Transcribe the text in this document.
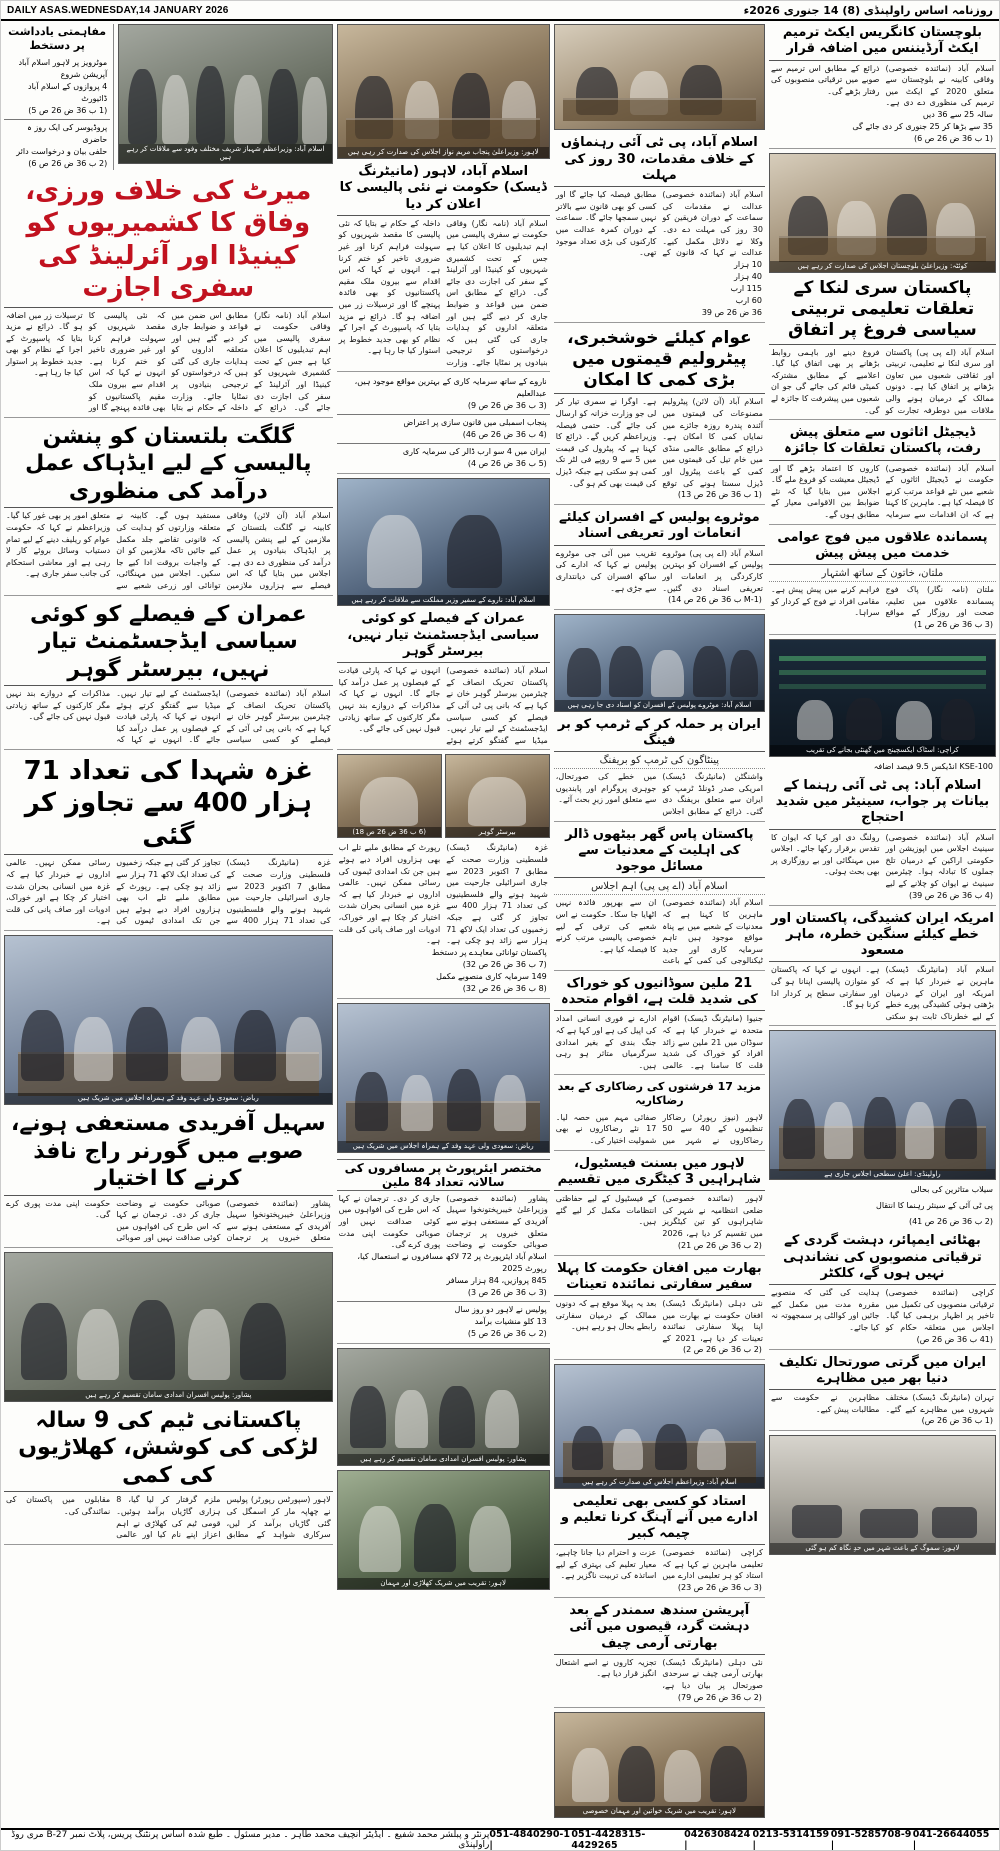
DAILY ASAS.WEDNESDAY,14 JANUARY 2026	روزنامہ اساس راولپنڈی (8) 14 جنوری 2026ء
بلوچستان کانگریس ایکٹ ترمیم ایکٹ آرڈیننس میں اضافہ قرار
اسلام آباد (نمائندہ خصوصی) وفاقی کابینہ نے بلوچستان سے متعلق 2020 کے ایکٹ میں ترمیم کی منظوری دے دی ہے۔ ذرائع کے مطابق اس ترمیم سے صوبے میں ترقیاتی منصوبوں کی رفتار بڑھے گی۔
سالہ 25 سے 36 دیں
35 سے بڑھا کر 25 جنوری کر دی جائے گی
(1 ب 36 ض 26 ص 6)
کوئٹہ: وزیراعلیٰ بلوچستان اجلاس کی صدارت کر رہے ہیں
پاکستان سری لنکا کے تعلقات تعلیمی تربیتی سیاسی فروغ پر اتفاق
اسلام آباد (اے پی پی) پاکستان اور سری لنکا نے تعلیمی، تربیتی اور ثقافتی شعبوں میں تعاون بڑھانے پر اتفاق کیا ہے۔ دونوں ممالک کے درمیان ہونے والی ملاقات میں دوطرفہ تجارت کو فروغ دینے اور باہمی روابط بڑھانے پر بھی اتفاق کیا گیا۔ اعلامیے کے مطابق مشترکہ کمیٹی قائم کی جائے گی جو ان شعبوں میں پیشرفت کا جائزہ لے گی۔
ڈیجیٹل اثاثوں سے متعلق پیش رفت، پاکستان تعلقات کا جائزہ
اسلام آباد (نمائندہ خصوصی) حکومت نے ڈیجیٹل اثاثوں کے شعبے میں نئے قواعد مرتب کرنے کا فیصلہ کیا ہے۔ ماہرین کا کہنا ہے کہ ان اقدامات سے سرمایہ کاروں کا اعتماد بڑھے گا اور ڈیجیٹل معیشت کو فروغ ملے گا۔ اجلاس میں بتایا گیا کہ نئے ضوابط بین الاقوامی معیار کے مطابق ہوں گے۔
پسماندہ علاقوں میں فوج عوامی خدمت میں پیش پیش
ملتان، خاتون کے ساتھ اشتہار
ملتان (نامہ نگار) پاک فوج پسماندہ علاقوں میں تعلیم، صحت اور روزگار کے مواقع فراہم کرنے میں پیش پیش ہے۔ مقامی افراد نے فوج کے کردار کو سراہا۔
(3 ب 36 ض 26 ص 1)
کراچی: اسٹاک ایکسچینج میں گھنٹی بجانے کی تقریب
KSE-100 انڈیکس 9.5 فیصد اضافہ
اسلام آباد: پی ٹی آئی رہنما کے بیانات پر جواب، سینیٹر میں شدید احتجاج
اسلام آباد (نمائندہ خصوصی) سینیٹ اجلاس میں اپوزیشن اور حکومتی اراکین کے درمیان تلخ جملوں کا تبادلہ ہوا۔ چیئرمین سینیٹ نے ایوان کو چلانے کے لیے رولنگ دی اور کہا کہ ایوان کا تقدس برقرار رکھا جائے۔ اجلاس میں مہنگائی اور بے روزگاری پر بھی بحث ہوئی۔
(4 ب 36 ض 26 ص 39)
امریکہ ایران کشیدگی، پاکستان اور خطے کیلئے سنگین خطرہ، ماہر مسعود
اسلام آباد (مانیٹرنگ ڈیسک) ماہرین نے خبردار کیا ہے کہ امریکہ اور ایران کے درمیان بڑھتی ہوئی کشیدگی پورے خطے کے لیے خطرناک ثابت ہو سکتی ہے۔ انہوں نے کہا کہ پاکستان کو متوازن پالیسی اپنانا ہو گی اور سفارتی سطح پر کردار ادا کرنا ہو گا۔
راولپنڈی: اعلیٰ سطحی اجلاس جاری ہے
سیلاب متاثرین کی بحالی
پی ٹی آئی کے سینئر رہنما کا انتقال
(2 ب 36 ض 26 ص 41)
بھٹائی ایمپائر، دہشت گردی کے ترقیاتی منصوبوں کی نشاندہی نہیں ہوں گے، کلکٹر
کراچی (نمائندہ خصوصی) ترقیاتی منصوبوں کی تکمیل میں تاخیر پر اظہار برہمی کیا گیا۔ اجلاس میں متعلقہ حکام کو ہدایت کی گئی کہ منصوبے مقررہ مدت میں مکمل کیے جائیں اور کوالٹی پر سمجھوتہ نہ کیا جائے۔
(41 ب 36 ض 26 ص)
ایران میں گرتی صورتحال تکلیف دنیا بھر میں مظاہرے
تہران (مانیٹرنگ ڈیسک) مختلف شہروں میں مظاہرے کیے گئے۔ مظاہرین نے حکومت سے مطالبات پیش کیے۔
(1 ب 36 ض 26 ص)
لاہور: سموگ کے باعث شہر میں حدِ نگاہ کم ہو گئی
اسلام آباد، پی ٹی آئی رہنماؤں کے خلاف مقدمات، 30 روز کی مہلت
اسلام آباد (نمائندہ خصوصی) عدالت نے مقدمات کی سماعت کے دوران فریقین کو 30 روز کی مہلت دے دی۔ وکلا نے دلائل مکمل کیے۔ عدالت نے کہا کہ قانون کے مطابق فیصلہ کیا جائے گا اور کسی کو بھی قانون سے بالاتر نہیں سمجھا جائے گا۔ سماعت کے دوران کمرہ عدالت میں کارکنوں کی بڑی تعداد موجود تھی۔
10 ہزار
40 ہزار
115 ارب
60 ارب
36 ض 26 ص 39
عوام کیلئے خوشخبری، پیٹرولیم قیمتوں میں بڑی کمی کا امکان
اسلام آباد (آن لائن) پیٹرولیم مصنوعات کی قیمتوں میں آئندہ پندرہ روزہ جائزے میں نمایاں کمی کا امکان ہے۔ ذرائع کے مطابق عالمی منڈی میں خام تیل کی قیمتوں میں کمی کے باعث پیٹرول اور ڈیزل سستا ہونے کی توقع ہے۔ اوگرا نے سمری تیار کر لی جو وزارت خزانہ کو ارسال کی جائے گی۔ حتمی فیصلہ وزیراعظم کریں گے۔ ذرائع کا کہنا ہے کہ پیٹرول کی قیمت میں 5 سے 9 روپے فی لٹر تک کمی ہو سکتی ہے جبکہ ڈیزل کی قیمت بھی کم ہو گی۔
(1 ب 36 ض 26 ص 13)
موٹروے پولیس کے افسران کیلئے انعامات اور تعریفی اسناد
اسلام آباد (اے پی پی) موٹروے پولیس کے افسران کو بہترین کارکردگی پر انعامات اور تعریفی اسناد دی گئیں۔ تقریب میں آئی جی موٹروے پولیس نے کہا کہ ادارے کی ساکھ افسران کی دیانتداری سے جڑی ہے۔
(M-1 ب 36 ض 26 ص 14)
اسلام آباد: موٹروے پولیس کے افسران کو اسناد دی جا رہی ہیں
ایران پر حملہ کر کے ٹرمپ کو بر فینگ
پینٹاگون کی ٹرمپ کو بریفنگ
واشنگٹن (مانیٹرنگ ڈیسک) امریکی صدر ڈونلڈ ٹرمپ کو ایران سے متعلق بریفنگ دی گئی۔ ذرائع کے مطابق اجلاس میں خطے کی صورتحال، جوہری پروگرام اور پابندیوں سے متعلق امور زیرِ بحث آئے۔
پاکستان پاس گھر بیٹھوں ڈالر کی اہلیت کے معدنیات سے مسائل موجود
اسلام آباد (اے پی پی) اہم اجلاس
اسلام آباد (نمائندہ خصوصی) ماہرین کا کہنا ہے کہ معدنیات کے شعبے میں بے پناہ مواقع موجود ہیں تاہم سرمایہ کاری اور جدید ٹیکنالوجی کی کمی کے باعث ان سے بھرپور فائدہ نہیں اٹھایا جا سکا۔ حکومت نے اس شعبے کی ترقی کے لیے خصوصی پالیسی مرتب کرنے کا فیصلہ کیا ہے۔
21 ملین سوڈانیوں کو خوراک کی شدید قلت ہے، اقوام متحدہ
جنیوا (مانیٹرنگ ڈیسک) اقوام متحدہ نے خبردار کیا ہے کہ سوڈان میں 21 ملین سے زائد افراد کو خوراک کی شدید قلت کا سامنا ہے۔ عالمی ادارے نے فوری انسانی امداد کی اپیل کی ہے اور کہا ہے کہ جنگ بندی کے بغیر امدادی سرگرمیاں متاثر ہو رہی ہیں۔
مزید 17 فرشتوں کی رضاکاری کے بعد رضاکاریہ
لاہور (نیوز رپورٹر) رضاکار تنظیموں کے 40 سے 50 رضاکاروں نے شہر میں صفائی مہم میں حصہ لیا۔ 17 نئے رضاکاروں نے بھی شمولیت اختیار کی۔
لاہور میں بسنت فیسٹیول، شاہراہیں 3 کیٹگری میں تقسیم
لاہور (نمائندہ خصوصی) ضلعی انتظامیہ نے شہر کی شاہراہوں کو تین کیٹگریز میں تقسیم کر دیا ہے، 2026 کے فیسٹیول کے لیے حفاظتی انتظامات مکمل کر لیے گئے ہیں۔
(2 ب 36 ض 26 ص 21)
بھارت میں افغان حکومت کا پہلا سفیر سفارتی نمائندہ تعینات
نئی دہلی (مانیٹرنگ ڈیسک) افغان حکومت نے بھارت میں اپنا پہلا سفارتی نمائندہ تعینات کر دیا ہے، 2021 کے بعد یہ پہلا موقع ہے کہ دونوں ممالک کے درمیان سفارتی رابطے بحال ہو رہے ہیں۔
(2 ب 36 ض 26 ص 2)
اسلام آباد: وزیراعظم اجلاس کی صدارت کر رہے ہیں
استاد کو کسی بھی تعلیمی ادارے میں آنے آہنگ کرنا تعلیم و چیمہ کبیر
کراچی (نمائندہ خصوصی) تعلیمی ماہرین نے کہا ہے کہ استاد کو ہر تعلیمی ادارے میں عزت و احترام دیا جانا چاہیے، معیار تعلیم کی بہتری کے لیے اساتذہ کی تربیت ناگزیر ہے۔
(3 ب 36 ض 26 ص 23)
آپریشن سندھ سمندر کے بعد دہشت گرد، قیصوں میں آئی بھارتی آرمی چیف
نئی دہلی (مانیٹرنگ ڈیسک) بھارتی آرمی چیف نے سرحدی صورتحال پر بیان دیا ہے، تجزیہ کاروں نے اسے اشتعال انگیز قرار دیا ہے۔
(2 ب 36 ض 26 ص 79)
لاہور: تقریب میں شریک خواتین اور مہمان خصوصی
لاہور: وزیراعلیٰ پنجاب مریم نواز اجلاس کی صدارت کر رہی ہیں
اسلام آباد، لاہور (مانیٹرنگ ڈیسک) حکومت نے نئی پالیسی کا اعلان کر دیا
اسلام آباد (نامہ نگار) وفاقی حکومت نے سفری پالیسی میں اہم تبدیلیوں کا اعلان کیا ہے جس کے تحت کشمیری شہریوں کو کینیڈا اور آئرلینڈ کے سفر کی اجازت دی جائے گی۔ ذرائع کے مطابق اس ضمن میں قواعد و ضوابط جاری کر دیے گئے ہیں اور متعلقہ اداروں کو ہدایات جاری کی گئی ہیں کہ درخواستوں کو ترجیحی بنیادوں پر نمٹایا جائے۔ وزارت داخلہ کے حکام نے بتایا کہ نئی پالیسی کا مقصد شہریوں کو سہولت فراہم کرنا اور غیر ضروری تاخیر کو ختم کرنا ہے۔ انہوں نے کہا کہ اس اقدام سے بیرون ملک مقیم پاکستانیوں کو بھی فائدہ پہنچے گا اور ترسیلات زر میں اضافہ ہو گا۔ ذرائع نے مزید بتایا کہ پاسپورٹ کے اجرا کے نظام کو بھی جدید خطوط پر استوار کیا جا رہا ہے۔
ناروے کے ساتھ سرمایہ کاری کے بہترین مواقع موجود ہیں، عبدالعلیم
(3 ب 36 ض 26 ص 9)
پنجاب اسمبلی میں قانون سازی پر اعتراض
(4 ب 36 ض 26 ص 46)
ایران میں 4 سو ارب ڈالر کی سرمایہ کاری
(5 ب 36 ض 26 ص 4)
اسلام آباد: ناروے کے سفیر وزیر مملکت سے ملاقات کر رہے ہیں
عمران کے فیصلے کو کوئی سیاسی ایڈجسٹمنٹ تیار نہیں، بیرسٹر گوہر
اسلام آباد (نمائندہ خصوصی) پاکستان تحریک انصاف کے چیئرمین بیرسٹر گوہر خان نے کہا ہے کہ بانی پی ٹی آئی کے فیصلے کو کسی سیاسی ایڈجسٹمنٹ کے لیے تیار نہیں۔ میڈیا سے گفتگو کرتے ہوئے انہوں نے کہا کہ پارٹی قیادت کے فیصلوں پر عمل درآمد کیا جائے گا۔ انہوں نے کہا کہ مذاکرات کے دروازے بند نہیں مگر کارکنوں کے ساتھ زیادتی قبول نہیں کی جائے گی۔
بیرسٹر گوہر
(6 ب 36 ض 26 ص 18)
غزہ (مانیٹرنگ ڈیسک) فلسطینی وزارت صحت کے مطابق 7 اکتوبر 2023 سے جاری اسرائیلی جارحیت میں شہید ہونے والے فلسطینیوں کی تعداد 71 ہزار 400 سے تجاوز کر گئی ہے جبکہ زخمیوں کی تعداد ایک لاکھ 71 ہزار سے زائد ہو چکی ہے۔ رپورٹ کے مطابق ملبے تلے اب بھی ہزاروں افراد دبے ہوئے ہیں جن تک امدادی ٹیموں کی رسائی ممکن نہیں۔ عالمی اداروں نے خبردار کیا ہے کہ غزہ میں انسانی بحران شدت اختیار کر چکا ہے اور خوراک، ادویات اور صاف پانی کی قلت ہے۔
پاکستان توانائی معاہدے پر دستخط
(7 ب 36 ض 26 ص 32)
149 سرمایہ کاری منصوبے مکمل
(8 ب 36 ض 26 ص 32)
ریاض: سعودی ولی عہد وفد کے ہمراہ اجلاس میں شریک ہیں
مختصر ایئرپورٹ پر مسافروں کی سالانہ تعداد 84 ملین
پشاور (نمائندہ خصوصی) وزیراعلیٰ خیبرپختونخوا سہیل آفریدی کے مستعفی ہونے سے متعلق خبروں پر ترجمان صوبائی حکومت نے وضاحت جاری کر دی۔ ترجمان نے کہا کہ اس طرح کی افواہوں میں کوئی صداقت نہیں اور صوبائی حکومت اپنی مدت پوری کرے گی۔
اسلام آباد ایئرپورٹ پر 72 لاکھ مسافروں نے استعمال کیا، رپورٹ 2025
845 پروازیں، 84 ہزار مسافر
(3 ب 36 ض 26 ص 3)
پولیس نے لاہور دو روز سال
13 کلو منشیات برآمد
(2 ب 36 ض 26 ص 5)
پشاور: پولیس افسران امدادی سامان تقسیم کر رہے ہیں
لاہور: تقریب میں شریک کھلاڑی اور مہمان
اسلام آباد: وزیراعظم شہباز شریف مختلف وفود سے ملاقات کر رہے ہیں
مفاہمتی یادداشت پر دستخط
موٹرویز پر لاہور اسلام آباد آپریشن شروع
4 پروازوں کے اسلام آباد ڈائیورٹ
(1 ب 36 ض 26 ص 5)
پروڈیوسر کی ایک روز ہ حاضری
حلفی بیان و درخواست دائر
(2 ب 36 ض 26 ص 6)
میرٹ کی خلاف ورزی، وفاق کا کشمیریوں کو کینیڈا اور آئرلینڈ کی سفری اجازت
اسلام آباد (نامہ نگار) وفاقی حکومت نے سفری پالیسی میں اہم تبدیلیوں کا اعلان کیا ہے جس کے تحت کشمیری شہریوں کو کینیڈا اور آئرلینڈ کے سفر کی اجازت دی جائے گی۔ ذرائع کے مطابق اس ضمن میں قواعد و ضوابط جاری کر دیے گئے ہیں اور متعلقہ اداروں کو ہدایات جاری کی گئی ہیں کہ درخواستوں کو ترجیحی بنیادوں پر نمٹایا جائے۔ وزارت داخلہ کے حکام نے بتایا کہ نئی پالیسی کا مقصد شہریوں کو سہولت فراہم کرنا اور غیر ضروری تاخیر کو ختم کرنا ہے۔ انہوں نے کہا کہ اس اقدام سے بیرون ملک مقیم پاکستانیوں کو بھی فائدہ پہنچے گا اور ترسیلات زر میں اضافہ ہو گا۔ ذرائع نے مزید بتایا کہ پاسپورٹ کے اجرا کے نظام کو بھی جدید خطوط پر استوار کیا جا رہا ہے۔
گلگت بلتستان کو پنشن پالیسی کے لیے ایڈہاک عمل درآمد کی منظوری
اسلام آباد (آن لائن) وفاقی کابینہ نے گلگت بلتستان کے ملازمین کے لیے پنشن پالیسی پر ایڈہاک بنیادوں پر عمل درآمد کی منظوری دے دی ہے۔ اجلاس میں بتایا گیا کہ اس فیصلے سے ہزاروں ملازمین مستفید ہوں گے۔ کابینہ نے متعلقہ وزارتوں کو ہدایت کی کہ قانونی تقاضے جلد مکمل کیے جائیں تاکہ ملازمین کو ان کے واجبات بروقت ادا کیے جا سکیں۔ اجلاس میں مہنگائی، توانائی اور زرعی شعبے سے متعلق امور پر بھی غور کیا گیا۔ وزیراعظم نے کہا کہ حکومت عوام کو ریلیف دینے کے لیے تمام دستیاب وسائل بروئے کار لا رہی ہے اور معاشی استحکام کی جانب سفر جاری ہے۔
عمران کے فیصلے کو کوئی سیاسی ایڈجسٹمنٹ تیار نہیں، بیرسٹر گوہر
اسلام آباد (نمائندہ خصوصی) پاکستان تحریک انصاف کے چیئرمین بیرسٹر گوہر خان نے کہا ہے کہ بانی پی ٹی آئی کے فیصلے کو کسی سیاسی ایڈجسٹمنٹ کے لیے تیار نہیں۔ میڈیا سے گفتگو کرتے ہوئے انہوں نے کہا کہ پارٹی قیادت کے فیصلوں پر عمل درآمد کیا جائے گا۔ انہوں نے کہا کہ مذاکرات کے دروازے بند نہیں مگر کارکنوں کے ساتھ زیادتی قبول نہیں کی جائے گی۔
غزہ شہدا کی تعداد 71 ہزار 400 سے تجاوز کر گئی
غزہ (مانیٹرنگ ڈیسک) فلسطینی وزارت صحت کے مطابق 7 اکتوبر 2023 سے جاری اسرائیلی جارحیت میں شہید ہونے والے فلسطینیوں کی تعداد 71 ہزار 400 سے تجاوز کر گئی ہے جبکہ زخمیوں کی تعداد ایک لاکھ 71 ہزار سے زائد ہو چکی ہے۔ رپورٹ کے مطابق ملبے تلے اب بھی ہزاروں افراد دبے ہوئے ہیں جن تک امدادی ٹیموں کی رسائی ممکن نہیں۔ عالمی اداروں نے خبردار کیا ہے کہ غزہ میں انسانی بحران شدت اختیار کر چکا ہے اور خوراک، ادویات اور صاف پانی کی قلت ہے۔
ریاض: سعودی ولی عہد وفد کے ہمراہ اجلاس میں شریک ہیں
سہیل آفریدی مستعفی ہونے، صوبے میں گورنر راج نافذ کرنے کا اختیار
پشاور (نمائندہ خصوصی) وزیراعلیٰ خیبرپختونخوا سہیل آفریدی کے مستعفی ہونے سے متعلق خبروں پر ترجمان صوبائی حکومت نے وضاحت جاری کر دی۔ ترجمان نے کہا کہ اس طرح کی افواہوں میں کوئی صداقت نہیں اور صوبائی حکومت اپنی مدت پوری کرے گی۔
پشاور: پولیس افسران امدادی سامان تقسیم کر رہے ہیں
پاکستانی ٹیم کی 9 سالہ لڑکی کی کوشش، کھلاڑیوں کی کمی
لاہور (سپورٹس رپورٹر) پولیس نے چھاپہ مار کر اسمگل کی گئی گاڑیاں برآمد کر لیں، سرکاری شواہد کے مطابق ملزم گرفتار کر لیا گیا، 8 ہزاری گاڑیاں برآمد ہوئیں۔ قومی ٹیم کی کھلاڑی نے اہم اعزاز اپنے نام کیا اور عالمی مقابلوں میں پاکستان کی نمائندگی کی۔
041-26644055 |
091-5285708-9 |
0213-5314159 |
0426308424 |
051-4428315-4429265
051-4840290-1 |
پرنٹر و پبلشر محمد شفیع ۔ ایڈیٹر انچیف محمد طاہر ۔ مدیر مسئول ۔ طبع شدہ اساس پرنٹنگ پریس، پلاٹ نمبر 27-B مری روڈ راولپنڈی
